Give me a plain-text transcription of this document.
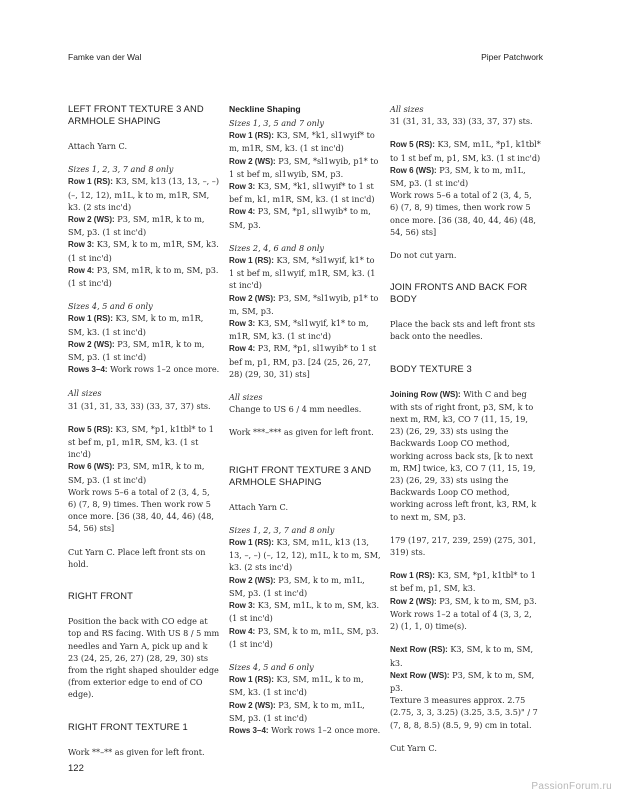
Famke van der Wal	Piper Patchwork
LEFT FRONT TEXTURE 3 AND ARMHOLE SHAPING

Attach Yarn C.

Sizes 1, 2, 3, 7 and 8 only

Row 1 (RS): K3, SM, k13 (13, 13, –, –) (–, 12, 12), m1L, k to m, m1R, SM, k3. (2 sts inc'd)
Row 2 (WS): P3, SM, m1R, k to m, SM, p3. (1 st inc'd)
Row 3: K3, SM, k to m, m1R, SM, k3. (1 st inc'd)
Row 4: P3, SM, m1R, k to m, SM, p3. (1 st inc'd)

Sizes 4, 5 and 6 only

Row 1 (RS): K3, SM, k to m, m1R, SM, k3. (1 st inc'd)
Row 2 (WS): P3, SM, m1R, k to m, SM, p3. (1 st inc'd)
Rows 3–4: Work rows 1–2 once more.

All sizes

31 (31, 31, 33, 33) (33, 37, 37) sts.

Row 5 (RS): K3, SM, *p1, k1tbl* to 1 st bef m, p1, m1R, SM, k3. (1 st inc'd)
Row 6 (WS): P3, SM, m1R, k to m, SM, p3. (1 st inc'd)
Work rows 5–6 a total of 2 (3, 4, 5, 6) (7, 8, 9) times. Then work row 5 once more. [36 (38, 40, 44, 46) (48, 54, 56) sts]

Cut Yarn C. Place left front sts on hold.

RIGHT FRONT

Position the back with CO edge at top and RS facing. With US 8 / 5 mm needles and Yarn A, pick up and k 23 (24, 25, 26, 27) (28, 29, 30) sts from the right shaped shoulder edge (from exterior edge to end of CO edge).

RIGHT FRONT TEXTURE 1

Work **–** as given for left front.

Neckline Shaping

Sizes 1, 3, 5 and 7 only

Row 1 (RS): K3, SM, *k1, sl1wyif* to m, m1R, SM, k3. (1 st inc'd)
Row 2 (WS): P3, SM, *sl1wyib, p1* to 1 st bef m, sl1wyib, SM, p3.
Row 3: K3, SM, *k1, sl1wyif* to 1 st bef m, k1, m1R, SM, k3. (1 st inc'd)
Row 4: P3, SM, *p1, sl1wyib* to m, SM, p3.

Sizes 2, 4, 6 and 8 only

Row 1 (RS): K3, SM, *sl1wyif, k1* to 1 st bef m, sl1wyif, m1R, SM, k3. (1 st inc'd)
Row 2 (WS): P3, SM, *sl1wyib, p1* to m, SM, p3.
Row 3: K3, SM, *sl1wyif, k1* to m, m1R, SM, k3. (1 st inc'd)
Row 4: P3, RM, *p1, sl1wyib* to 1 st bef m, p1, RM, p3. [24 (25, 26, 27, 28) (29, 30, 31) sts]

All sizes

Change to US 6 / 4 mm needles.

Work ***–*** as given for left front.

RIGHT FRONT TEXTURE 3 AND ARMHOLE SHAPING

Attach Yarn C.

Sizes 1, 2, 3, 7 and 8 only

Row 1 (RS): K3, SM, m1L, k13 (13, 13, –, –) (–, 12, 12), m1L, k to m, SM, k3. (2 sts inc'd)
Row 2 (WS): P3, SM, k to m, m1L, SM, p3. (1 st inc'd)
Row 3: K3, SM, m1L, k to m, SM, k3. (1 st inc'd)
Row 4: P3, SM, k to m, m1L, SM, p3. (1 st inc'd)

Sizes 4, 5 and 6 only

Row 1 (RS): K3, SM, m1L, k to m, SM, k3. (1 st inc'd)
Row 2 (WS): P3, SM, k to m, m1L, SM, p3. (1 st inc'd)
Rows 3–4: Work rows 1–2 once more.

All sizes

31 (31, 31, 33, 33) (33, 37, 37) sts.

Row 5 (RS): K3, SM, m1L, *p1, k1tbl* to 1 st bef m, p1, SM, k3. (1 st inc'd)
Row 6 (WS): P3, SM, k to m, m1L, SM, p3. (1 st inc'd)
Work rows 5–6 a total of 2 (3, 4, 5, 6) (7, 8, 9) times, then work row 5 once more. [36 (38, 40, 44, 46) (48, 54, 56) sts]

Do not cut yarn.

JOIN FRONTS AND BACK FOR BODY

Place the back sts and left front sts back onto the needles.

BODY TEXTURE 3
Joining Row (WS): With C and beg with sts of right front, p3, SM, k to next m, RM, k3, CO 7 (11, 15, 19, 23) (26, 29, 33) sts using the Backwards Loop CO method, working across back sts, [k to next m, RM] twice, k3, CO 7 (11, 15, 19, 23) (26, 29, 33) sts using the Backwards Loop CO method, working across left front, k3, RM, k to next m, SM, p3.

179 (197, 217, 239, 259) (275, 301, 319) sts.

Row 1 (RS): K3, SM, *p1, k1tbl* to 1 st bef m, p1, SM, k3.
Row 2 (WS): P3, SM, k to m, SM, p3.
Work rows 1–2 a total of 4 (3, 3, 2, 2) (1, 1, 0) time(s).
Next Row (RS): K3, SM, k to m, SM, k3.
Next Row (WS): P3, SM, k to m, SM, p3.
Texture 3 measures approx. 2.75 (2.75, 3, 3, 3.25) (3.25, 3.5, 3.5)" / 7 (7, 8, 8, 8.5) (8.5, 9, 9) cm in total.

Cut Yarn C.

122
PassionForum.ru
